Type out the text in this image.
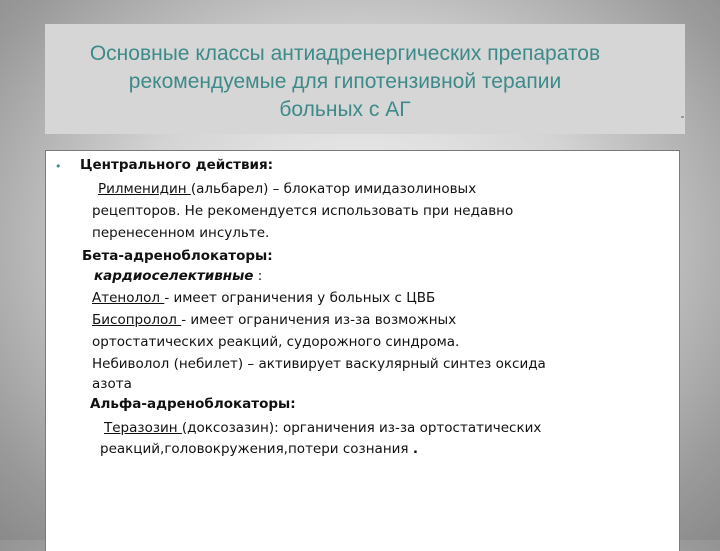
Основные классы антиадренергических препаратов
рекомендуемые для гипотензивной терапии
больных с АГ
• Центрального действия:
Рилменидин (альбарел) – блокатор имидазолиновых
рецепторов. Не рекомендуется использовать при недавно
перенесенном инсульте.
Бета-адреноблокаторы:
кардиоселективные :
Атенолол - имеет ограничения у больных с ЦВБ
Бисопролол - имеет ограничения из-за возможных
ортостатических реакций, судорожного синдрома.
Небиволол (небилет) – активирует васкулярный синтез оксида
азота
Альфа-адреноблокаторы:
Теразозин (доксозазин): органичения из-за ортостатических
реакций,головокружения,потери сознания .
